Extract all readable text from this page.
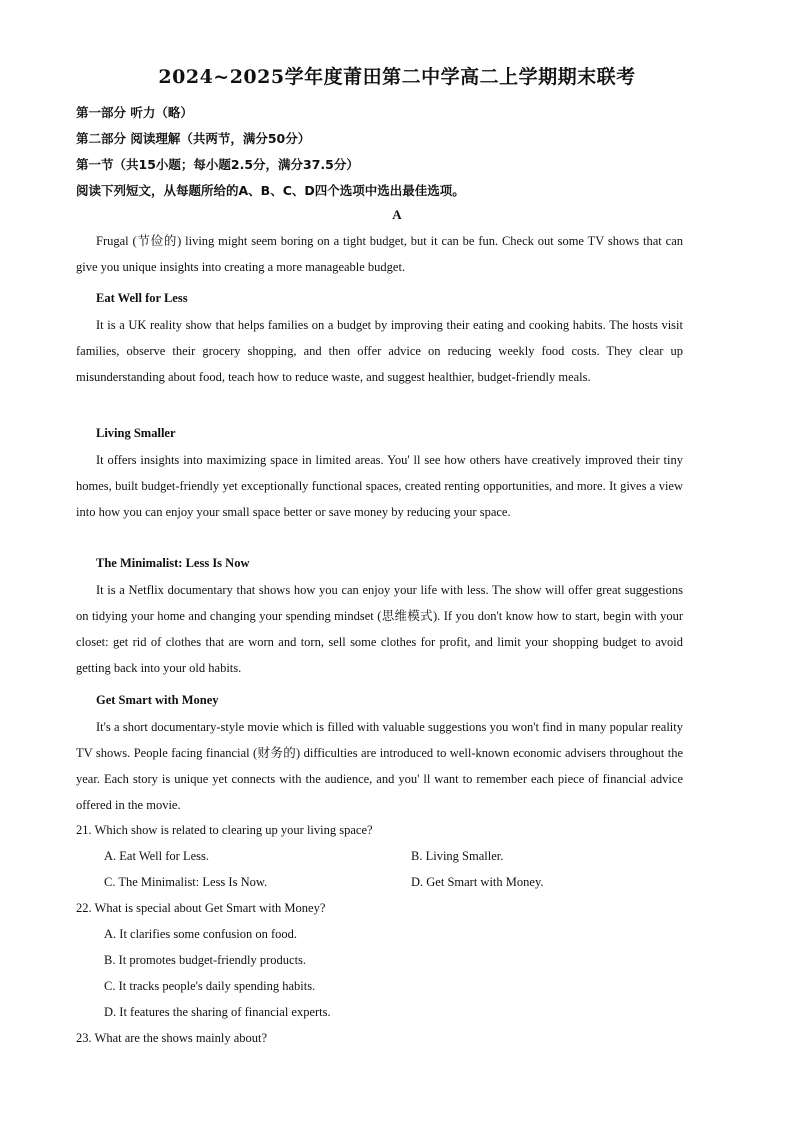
2024~2025学年度莆田第二中学高二上学期期末联考
第一部分 听力（略）
第二部分 阅读理解（共两节，满分50分）
第一节（共15小题；每小题2.5分，满分37.5分）
阅读下列短文，从每题所给的A、B、C、D四个选项中选出最佳选项。
A

Frugal (节俭的) living might seem boring on a tight budget, but it can be fun. Check out some TV shows that can give you unique insights into creating a more manageable budget.

Eat Well for Less

It is a UK reality show that helps families on a budget by improving their eating and cooking habits. The hosts visit families, observe their grocery shopping, and then offer advice on reducing weekly food costs. They clear up misunderstanding about food, teach how to reduce waste, and suggest healthier, budget-friendly meals.

Living Smaller

It offers insights into maximizing space in limited areas. You' ll see how others have creatively improved their tiny homes, built budget-friendly yet exceptionally functional spaces, created renting opportunities, and more. It gives a view into how you can enjoy your small space better or save money by reducing your space.

The Minimalist: Less Is Now

It is a Netflix documentary that shows how you can enjoy your life with less. The show will offer great suggestions on tidying your home and changing your spending mindset (思维模式). If you don't know how to start, begin with your closet: get rid of clothes that are worn and torn, sell some clothes for profit, and limit your shopping budget to avoid getting back into your old habits.

Get Smart with Money

It's a short documentary-style movie which is filled with valuable suggestions you won't find in many popular reality TV shows. People facing financial (财务的) difficulties are introduced to well-known economic advisers throughout the year. Each story is unique yet connects with the audience, and you' ll want to remember each piece of financial advice offered in the movie.

21. Which show is related to clearing up your living space?
A. Eat Well for Less.	B. Living Smaller.
C. The Minimalist: Less Is Now.	D. Get Smart with Money.
22. What is special about Get Smart with Money?
A. It clarifies some confusion on food.
B. It promotes budget-friendly products.
C. It tracks people's daily spending habits.
D. It features the sharing of financial experts.
23. What are the shows mainly about?
